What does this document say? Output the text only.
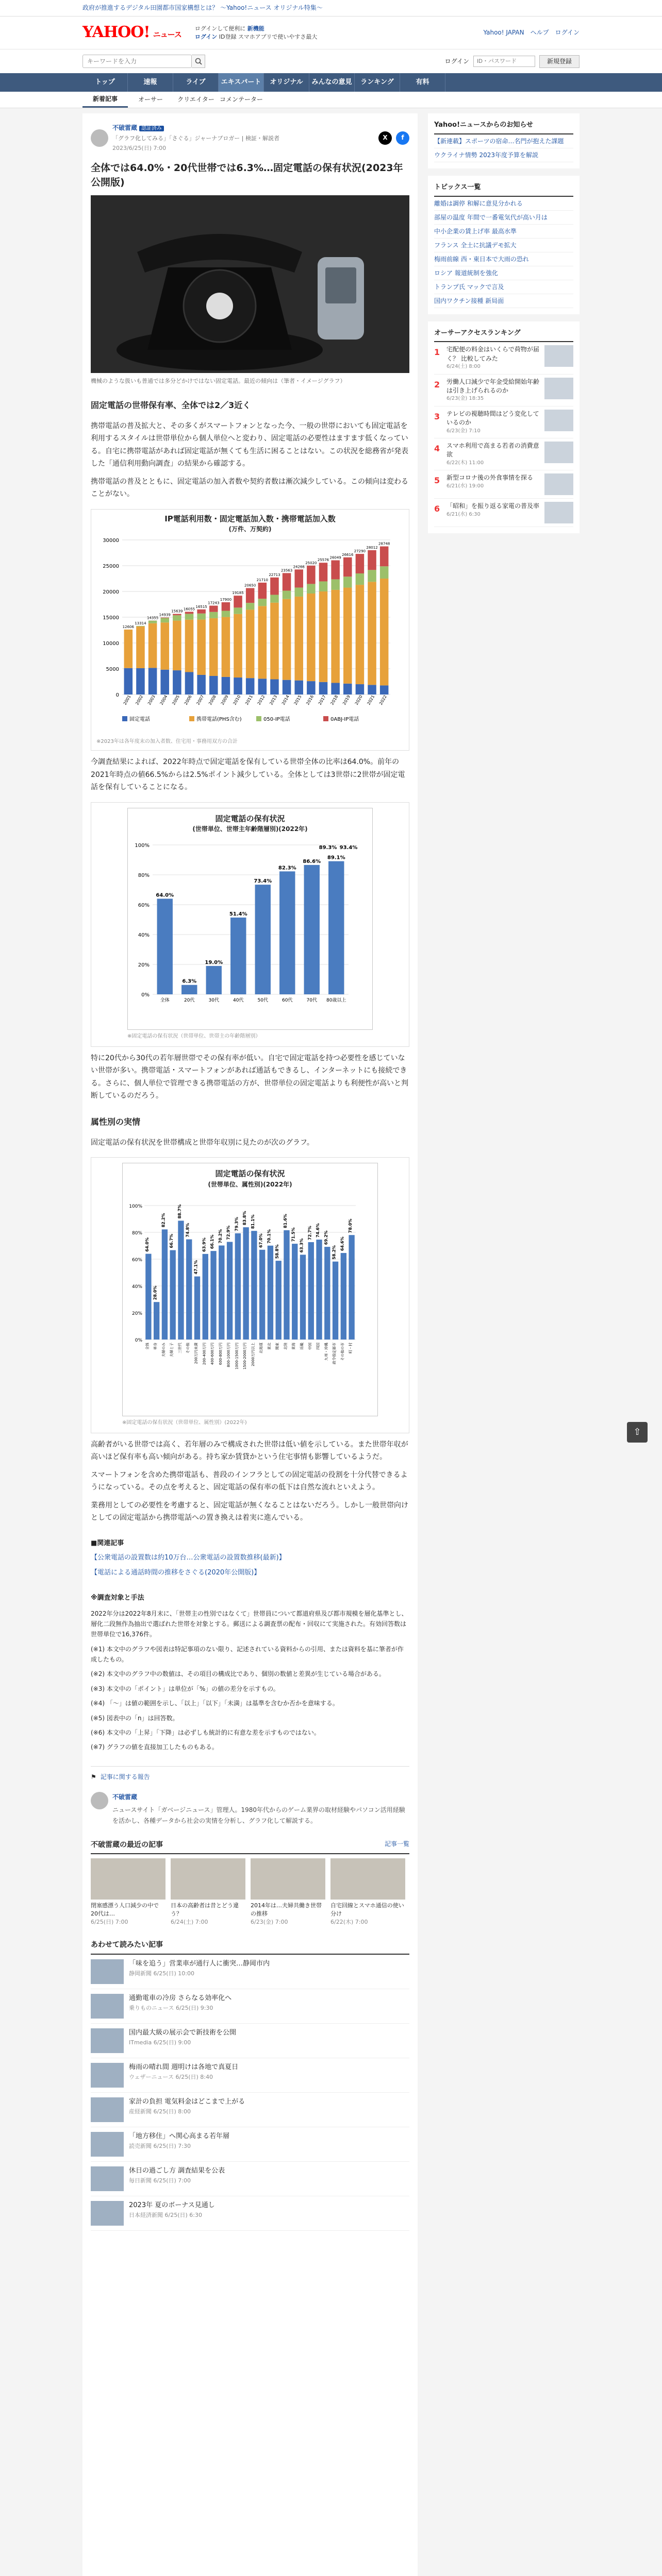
政府が推進するデジタル田園都市国家構想とは？ 〜Yahoo!ニュース オリジナル特集〜
YAHOO! ニュース
ログインして便利に 新機能
ログイン ID登録 スマホアプリで使いやすさ最大
Yahoo! JAPAN ヘルプ ログイン
キーワードを入力
ログイン
ID・パスワード	新規登録
トップ	速報	ライブ	エキスパート	オリジナル	みんなの意見	ランキング	有料
新着記事	オーサー	クリエイター コメンテーター
不破雷蔵 認証済み
「グラフ化してみる」「さぐる」ジャーナブロガー | 検証・解説者
2023/6/25(日) 7:00
X f
全体では64.0%・20代世帯では6.3%…固定電話の保有状況(2023年公開版)
機械のような扱いも普通では多分どかけではない固定電話。最近の傾向は（筆者・イメージグラフ）
固定電話の世帯保有率、全体では2／3近く

携帯電話の普及拡大と、その多くがスマートフォンとなった今、一般の世帯においても固定電話を利用するスタイルは世帯単位から個人単位へと変わり、固定電話の必要性はますます低くなっている。自宅に携帯電話があれば固定電話が無くても生活に困ることはない。この状況を総務省が発表した「通信利用動向調査」の結果から確認する。

携帯電話の普及とともに、固定電話の加入者数や契約者数は漸次減少している。この傾向は変わることがない。

IP電話利用数・固定電話加入数・携帯電話加入数
(万件、万契約)
0
5000
10000
15000
20000
25000
30000
2001
12606
2002
13314
2003
14355
2004
14939
2005
15639
2006
16055
2007
16515
2008
17243
2009
17900
2010
19185
2011
20650
2012
21710
2013
22713
2014
23563
2015
24266
2016
25020
2017
25576
2018
26049
2019
26616
2020
27290
2021
28012
2022
28748
固定電話	携帯電話(PHS含む)	050-IP電話	0ABJ-IP電話
※2023年は各年度末の加入者数、住宅用・事務用双方の合計

今調査結果によれば、2022年時点で固定電話を保有している世帯全体の比率は64.0%。前年の2021年時点の値66.5%からは2.5%ポイント減少している。全体としては3世帯に2世帯が固定電話を保有していることになる。

固定電話の保有状況
(世帯単位、世帯主年齢階層別)(2022年)
0%
20%
40%
60%
80%
100%
64.0%
全体
6.3%
20代
19.0%
30代
51.4%
40代
73.4%
50代
82.3%
60代
86.6%
70代
89.1%
80歳以上
89.3% 93.4%
※固定電話の保有状況（世帯単位、世帯主の年齢階層別）

特に20代から30代の若年層世帯でその保有率が低い。自宅で固定電話を持つ必要性を感じていない世帯が多い。携帯電話・スマートフォンがあれば通話もできるし、インターネットにも接続できる。さらに、個人単位で管理できる携帯電話の方が、世帯単位の固定電話よりも利便性が高いと判断しているのだろう。

属性別の実情

固定電話の保有状況を世帯構成と世帯年収別に見たのが次のグラフ。

固定電話の保有状況
(世帯単位、属性別)(2022年)
0%
20%
40%
60%
80%
100%
64.0%
全体
28.0%
単身
82.2%
夫婦のみ
66.7%
夫婦と子
88.7%
三世代
74.8%
その他
47.1%
200万円未満
63.9%
200-400万円
66.1%
400-600万円
70.2%
600-800万円
72.9%
800-1000万円
79.3%
1000-1500万円
83.8%
1500-2000万円
81.1%
2000万円以上
67.0%
北海道
70.1%
東北
58.8%
関東
81.6%
北陸
71.5%
東海
63.3%
近畿
72.7%
中国
74.6%
四国
69.2%
九州・沖縄
58.2%
政令指定都市
64.6%
その他の市
78.0%
町・村
※固定電話の保有状況（世帯単位、属性別）(2022年)

高齢者がいる世帯では高く、若年層のみで構成された世帯は低い値を示している。また世帯年収が高いほど保有率も高い傾向がある。持ち家か賃貸かという住宅事情も影響しているようだ。

スマートフォンを含めた携帯電話も、普段のインフラとしての固定電話の役割を十分代替できるようになっている。その点を考えると、固定電話の保有率の低下は自然な流れといえよう。

業務用としての必要性を考慮すると、固定電話が無くなることはないだろう。しかし一般世帯向けとしての固定電話から携帯電話への置き換えは着実に進んでいる。

■関連記事
【公衆電話の設置数は約10万台…公衆電話の設置数推移(最新)】
【電話による通話時間の推移をさぐる(2020年公開版)】
※調査対象と手法

2022年分は2022年8月末に、「世帯主の性別ではなくて」世帯員について都道府県及び都市規模を層化基準とし、層化二段無作為抽出で選ばれた世帯を対象とする。郵送による調査票の配布・回収にて実施された。有効回答数は世帯単位で16,376件。

(※1) 本文中のグラフや図表は特記事項のない限り、記述されている資料からの引用、または資料を基に筆者が作成したもの。

(※2) 本文中のグラフ中の数値は、その項目の構成比であり、個別の数値と差異が生じている場合がある。

(※3) 本文中の「ポイント」は単位が「%」の値の差分を示すもの。

(※4) 「〜」は値の範囲を示し、「以上」「以下」「未満」は基準を含むか否かを意味する。

(※5) 図表中の「n」は回答数。

(※6) 本文中の「上昇」「下降」は必ずしも統計的に有意な差を示すものではない。

(※7) グラフの値を直接加工したものもある。

⚑ 記事に関する報告
不破雷蔵
ニュースサイト「ガベージニュース」管理人。1980年代からのゲーム業界の取材経験やパソコン活用経験を活かし、各種データから社会の実情を分析し、グラフ化して解説する。
不破雷蔵の最近の記事	記事一覧
閉塞感漂う人口減少の中で20代は…
6/25(日) 7:00
日本の高齢者は昔とどう違う？
6/24(土) 7:00
2014年は…夫婦共働き世帯の推移
6/23(金) 7:00
自宅回線とスマホ通信の使い分け
6/22(木) 7:00
あわせて読みたい記事
「味を追う」営業車が通行人に衝突…静岡市内
静岡新聞 6/25(日) 10:00
通勤電車の冷房 さらなる効率化へ
乗りものニュース 6/25(日) 9:30
国内最大級の展示会で新技術を公開
ITmedia 6/25(日) 9:00
梅雨の晴れ間 週明けは各地で真夏日
ウェザーニュース 6/25(日) 8:40
家計の負担 電気料金はどこまで上がる
産経新聞 6/25(日) 8:00
「地方移住」へ関心高まる若年層
読売新聞 6/25(日) 7:30
休日の過ごし方 調査結果を公表
毎日新聞 6/25(日) 7:00
2023年 夏のボーナス見通し
日本経済新聞 6/25(日) 6:30
Yahoo!ニュースからのお知らせ
【新連載】スポーツの宿命…名門が抱えた課題
ウクライナ情勢 2023年度予算を解説
トピックス一覧
離婚は調停 和解に意見分かれる
部屋の温度 年間で一番電気代が高い月は
中小企業の賃上げ率 最高水準
フランス 全土に抗議デモ拡大
梅雨前線 西・東日本で大雨の恐れ
ロシア 報道統制を強化
トランプ氏 マックで言及
国内ワクチン接種 新局面
オーサーアクセスランキング
1	宅配便の料金はいくらで荷物が届く？ 比較してみた
6/24(土) 8:00
2	労働人口減少で年金受給開始年齢は引き上げられるのか
6/23(金) 18:35
3	テレビの視聴時間はどう変化しているのか
6/23(金) 7:10
4	スマホ利用で高まる若者の消費意欲
6/22(木) 11:00
5	新型コロナ後の外食事情を探る
6/21(水) 19:00
6	「昭和」を振り返る家電の普及率
6/21(水) 6:30
⇧
